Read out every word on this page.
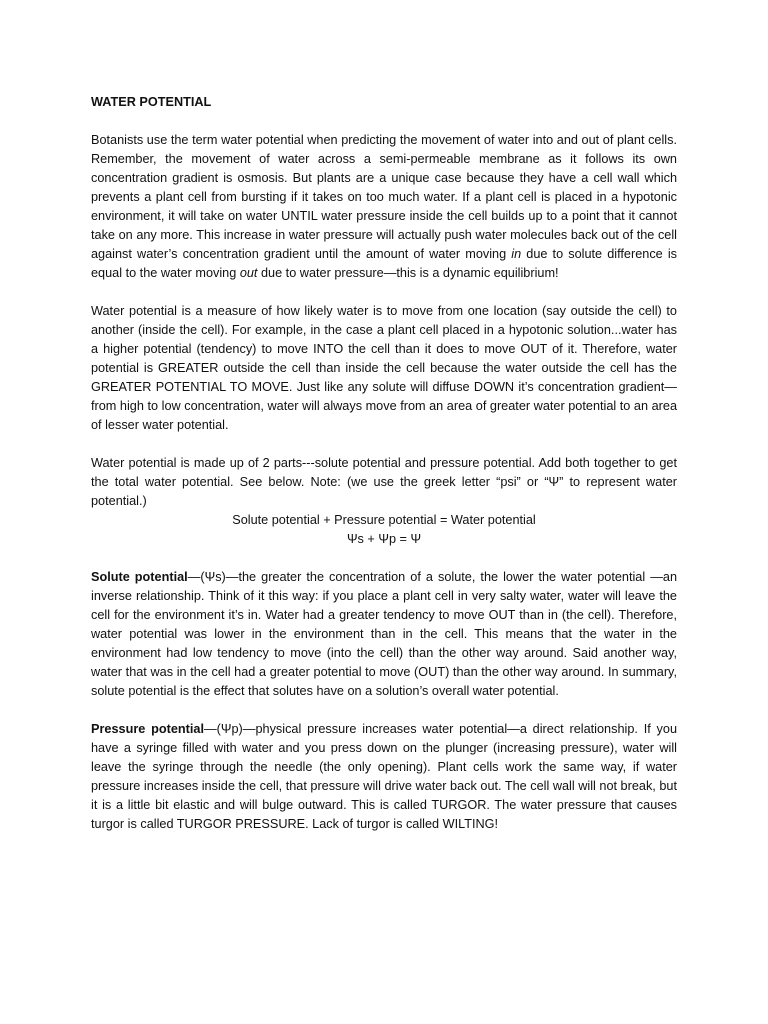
WATER POTENTIAL

Botanists use the term water potential when predicting the movement of water into and out of plant cells. Remember, the movement of water across a semi-permeable membrane as it follows its own concentration gradient is osmosis. But plants are a unique case because they have a cell wall which prevents a plant cell from bursting if it takes on too much water. If a plant cell is placed in a hypotonic environment, it will take on water UNTIL water pressure inside the cell builds up to a point that it cannot take on any more. This increase in water pressure will actually push water molecules back out of the cell against water’s concentration gradient until the amount of water moving in due to solute difference is equal to the water moving out due to water pressure—this is a dynamic equilibrium!

Water potential is a measure of how likely water is to move from one location (say outside the cell) to another (inside the cell). For example, in the case a plant cell placed in a hypotonic solution...water has a higher potential (tendency) to move INTO the cell than it does to move OUT of it. Therefore, water potential is GREATER outside the cell than inside the cell because the water outside the cell has the GREATER POTENTIAL TO MOVE. Just like any solute will diffuse DOWN it’s concentration gradient—from high to low concentration, water will always move from an area of greater water potential to an area of lesser water potential.

Water potential is made up of 2 parts---solute potential and pressure potential. Add both together to get the total water potential. See below. Note: (we use the greek letter “psi” or “Ψ” to represent water potential.)

Solute potential + Pressure potential = Water potential

Ψs + Ψp = Ψ

Solute potential—(Ψs)—the greater the concentration of a solute, the lower the water potential —an inverse relationship. Think of it this way: if you place a plant cell in very salty water, water will leave the cell for the environment it’s in. Water had a greater tendency to move OUT than in (the cell). Therefore, water potential was lower in the environment than in the cell. This means that the water in the environment had low tendency to move (into the cell) than the other way around. Said another way, water that was in the cell had a greater potential to move (OUT) than the other way around. In summary, solute potential is the effect that solutes have on a solution’s overall water potential.

Pressure potential—(Ψp)—physical pressure increases water potential—a direct relationship. If you have a syringe filled with water and you press down on the plunger (increasing pressure), water will leave the syringe through the needle (the only opening). Plant cells work the same way, if water pressure increases inside the cell, that pressure will drive water back out. The cell wall will not break, but it is a little bit elastic and will bulge outward. This is called TURGOR. The water pressure that causes turgor is called TURGOR PRESSURE. Lack of turgor is called WILTING!
